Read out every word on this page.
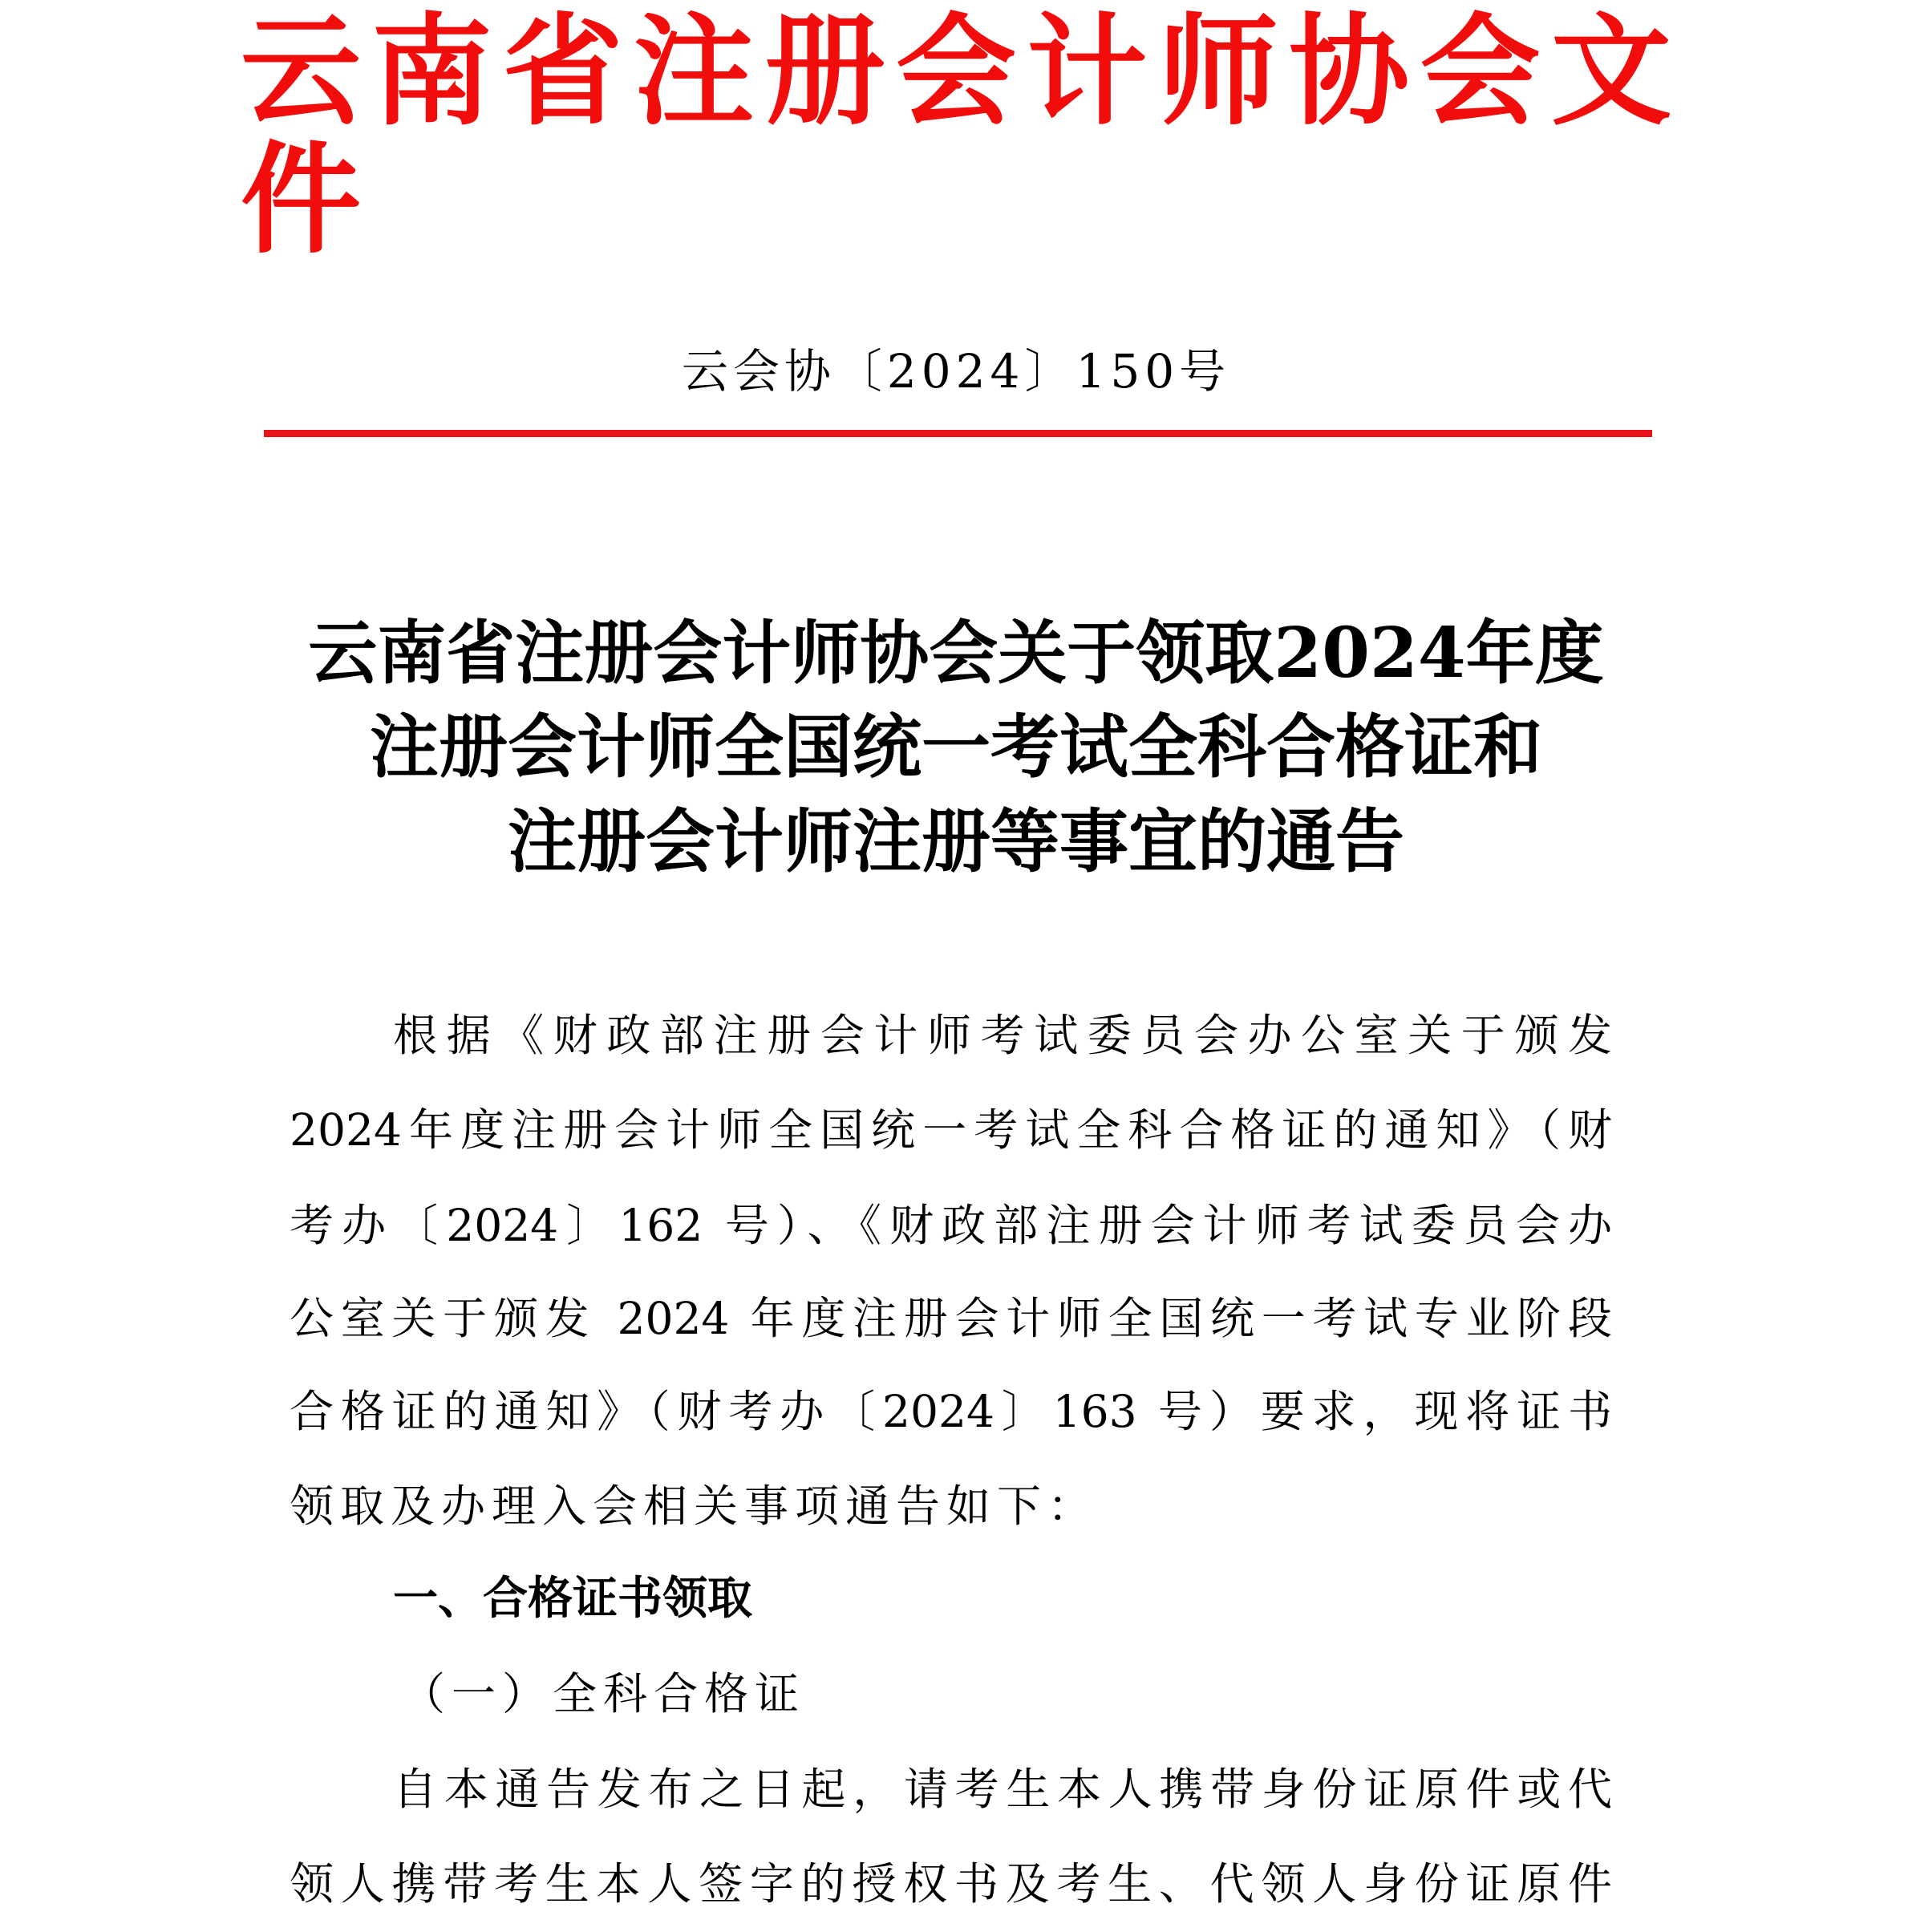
云南省注册会计师协会文件
云会协〔2024〕150号
云南省注册会计师协会关于领取2024年度
注册会计师全国统一考试全科合格证和
注册会计师注册等事宜的通告
根据《财政部注册会计师考试委员会办公室关于颁发
2024年度注册会计师全国统一考试全科合格证的通知》（财
考办〔2024〕162 号）、《财政部注册会计师考试委员会办
公室关于颁发 2024 年度注册会计师全国统一考试专业阶段
合格证的通知》（财考办〔2024〕163 号）要求，现将证书
领取及办理入会相关事项通告如下：
一、合格证书领取
（一）全科合格证
自本通告发布之日起，请考生本人携带身份证原件或代
领人携带考生本人签字的授权书及考生、代领人身份证原件
